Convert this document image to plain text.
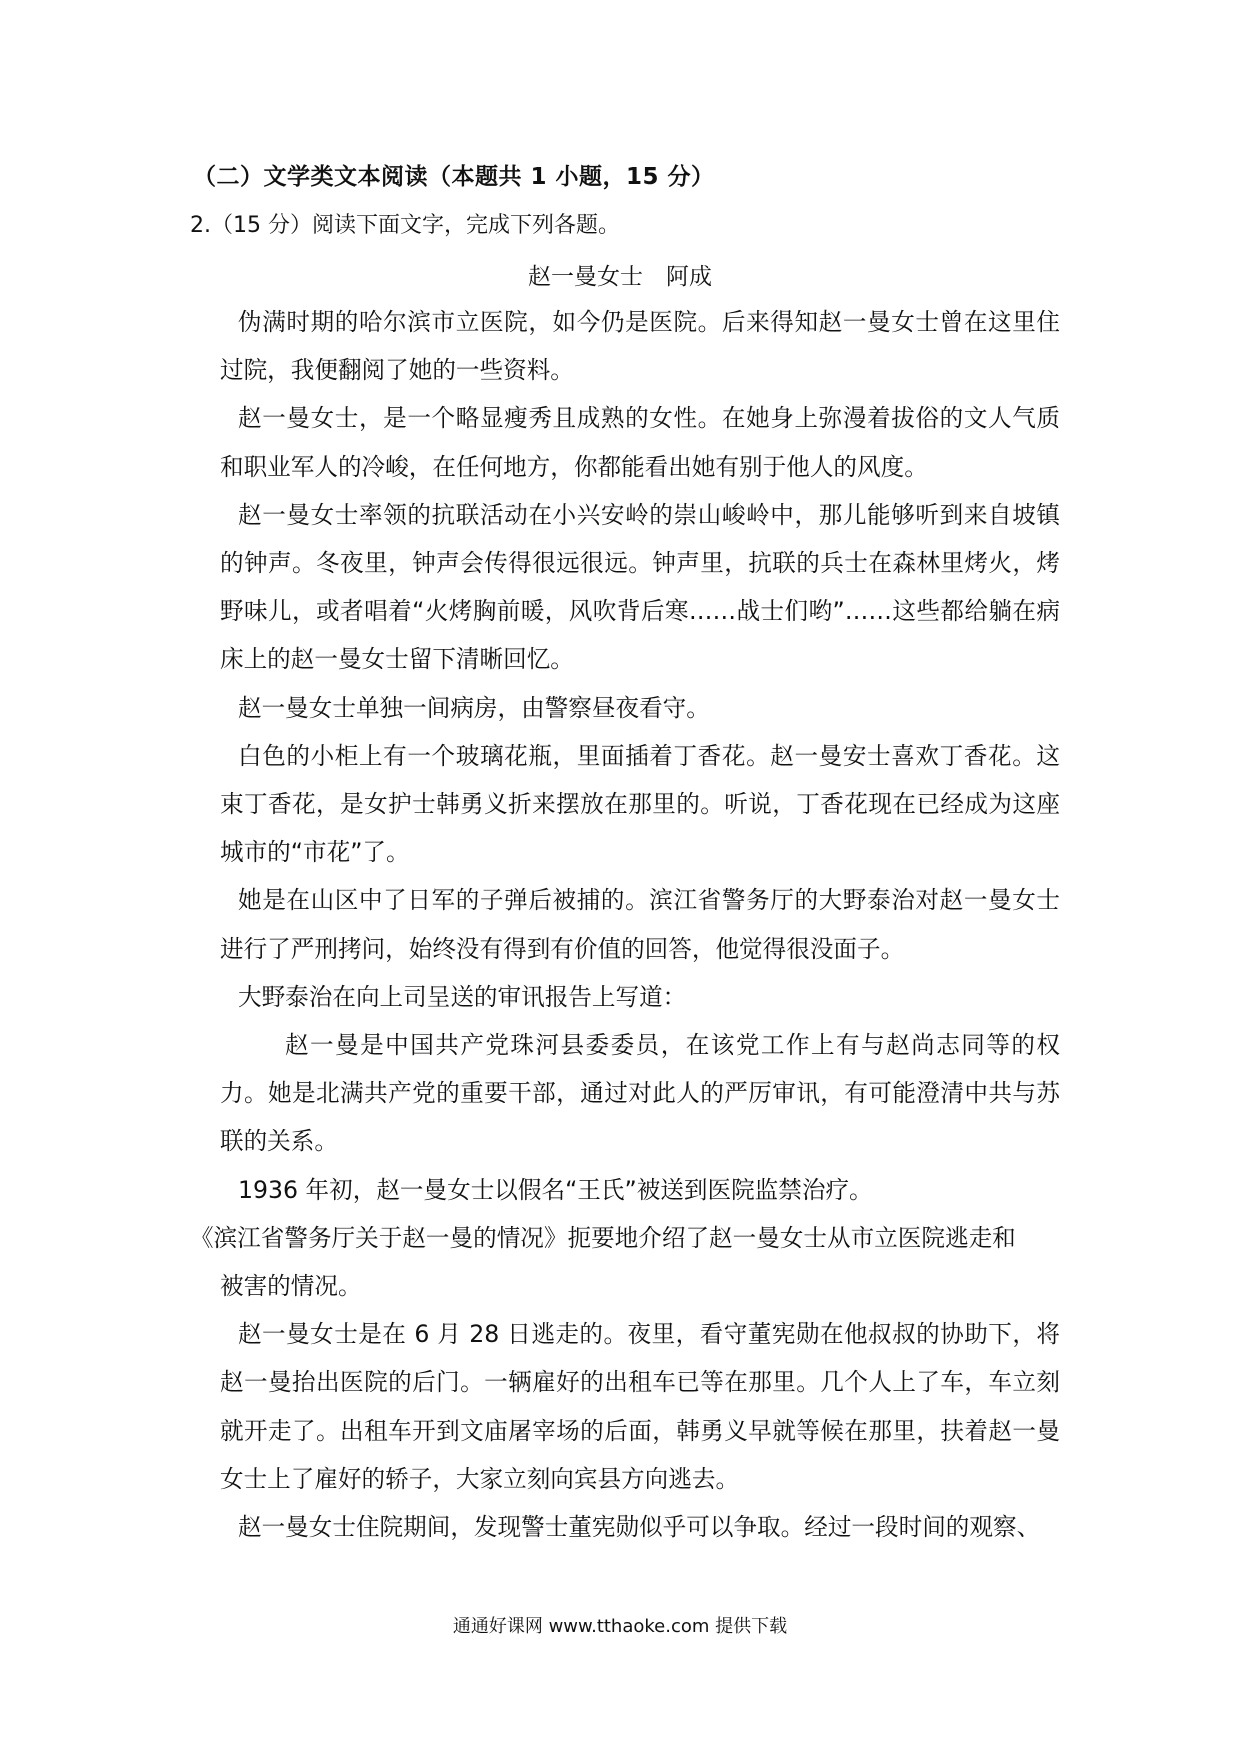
（二）文学类文本阅读（本题共 1 小题，15 分）
2.（15 分）阅读下面文字，完成下列各题。
赵一曼女士　阿成

伪满时期的哈尔滨市立医院，如今仍是医院。后来得知赵一曼女士曾在这里住过院，我便翻阅了她的一些资料。

赵一曼女士，是一个略显瘦秀且成熟的女性。在她身上弥漫着拔俗的文人气质和职业军人的冷峻，在任何地方，你都能看出她有别于他人的风度。

赵一曼女士率领的抗联活动在小兴安岭的崇山峻岭中，那儿能够听到来自坡镇的钟声。冬夜里，钟声会传得很远很远。钟声里，抗联的兵士在森林里烤火，烤野味儿，或者唱着“火烤胸前暖，风吹背后寒……战士们哟”……这些都给躺在病床上的赵一曼女士留下清晰回忆。

赵一曼女士单独一间病房，由警察昼夜看守。

白色的小柜上有一个玻璃花瓶，里面插着丁香花。赵一曼安士喜欢丁香花。这束丁香花，是女护士韩勇义折来摆放在那里的。听说，丁香花现在已经成为这座城市的“市花”了。

她是在山区中了日军的子弹后被捕的。滨江省警务厅的大野泰治对赵一曼女士进行了严刑拷问，始终没有得到有价值的回答，他觉得很没面子。

大野泰治在向上司呈送的审讯报告上写道：

赵一曼是中国共产党珠河县委委员，在该党工作上有与赵尚志同等的权力。她是北满共产党的重要干部，通过对此人的严厉审讯，有可能澄清中共与苏联的关系。

1936 年初，赵一曼女士以假名“王氏”被送到医院监禁治疗。

《滨江省警务厅关于赵一曼的情况》扼要地介绍了赵一曼女士从市立医院逃走和
被害的情况。

赵一曼女士是在 6 月 28 日逃走的。夜里，看守董宪勋在他叔叔的协助下，将赵一曼抬出医院的后门。一辆雇好的出租车已等在那里。几个人上了车，车立刻就开走了。出租车开到文庙屠宰场的后面，韩勇义早就等候在那里，扶着赵一曼女士上了雇好的轿子，大家立刻向宾县方向逃去。

赵一曼女士住院期间，发现警士董宪勋似乎可以争取。经过一段时间的观察、

通通好课网 www.tthaoke.com 提供下载
